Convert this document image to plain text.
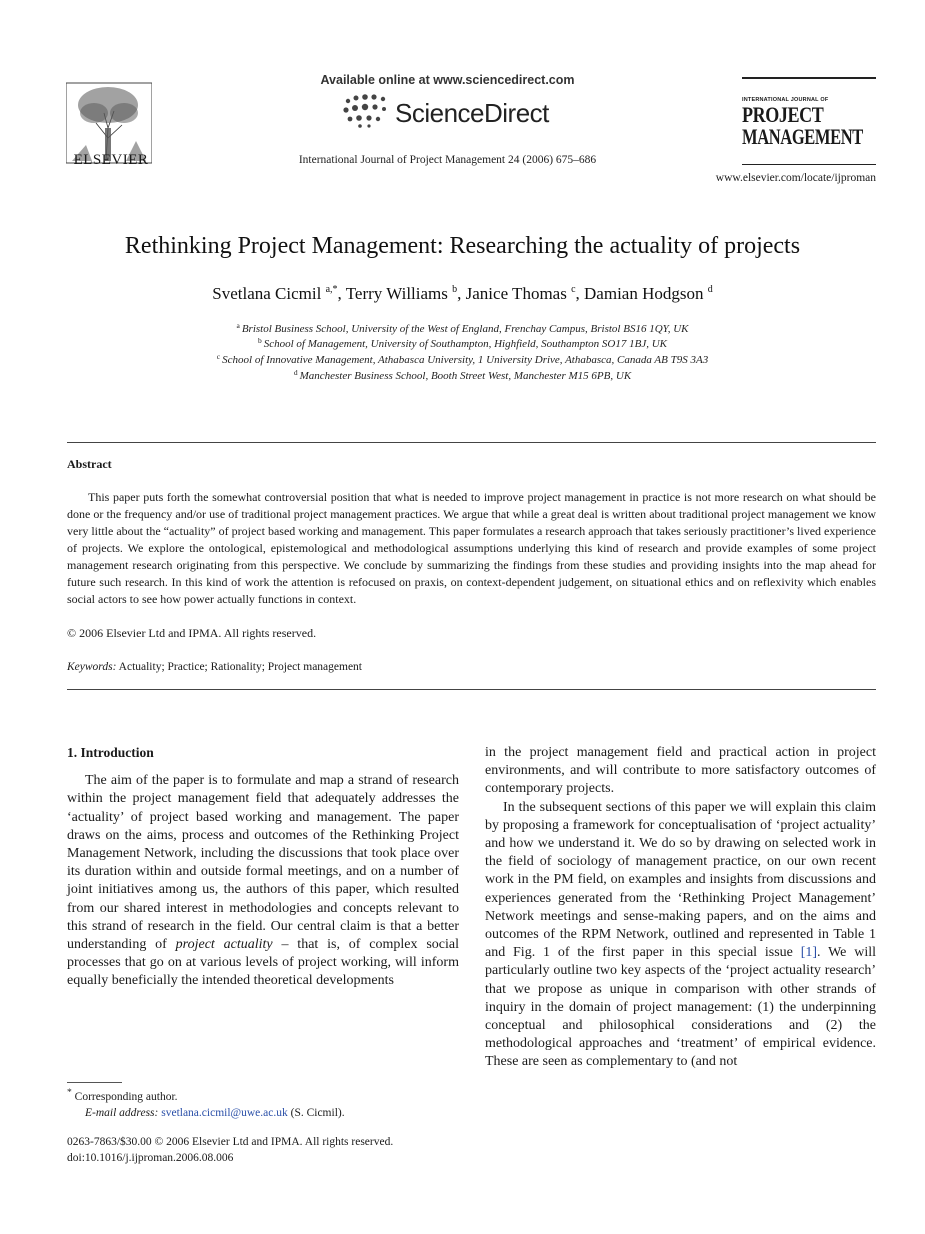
ELSEVIER
Available online at www.sciencedirect.com
ScienceDirect
International Journal of Project Management 24 (2006) 675–686
INTERNATIONAL JOURNAL OF
PROJECT
MANAGEMENT
www.elsevier.com/locate/ijproman
Rethinking Project Management: Researching the actuality of projects
Svetlana Cicmil $^{a,*}$, Terry Williams $^b$, Janice Thomas $^c$, Damian Hodgson $^d$
$^a$ Bristol Business School, University of the West of England, Frenchay Campus, Bristol BS16 1QY, UK
$^b$ School of Management, University of Southampton, Highfield, Southampton SO17 1BJ, UK
$^c$ School of Innovative Management, Athabasca University, 1 University Drive, Athabasca, Canada AB T9S 3A3
$^d$ Manchester Business School, Booth Street West, Manchester M15 6PB, UK
Abstract
This paper puts forth the somewhat controversial position that what is needed to improve project management in practice is not more research on what should be done or the frequency and/or use of traditional project management practices. We argue that while a great deal is written about traditional project management we know very little about the “actuality” of project based working and management. This paper formulates a research approach that takes seriously practitioner’s lived experience of projects. We explore the ontological, epistemological and methodological assumptions underlying this kind of research and provide examples of some project management research originating from this perspective. We conclude by summarizing the findings from these studies and providing insights into the map ahead for future such research. In this kind of work the attention is refocused on praxis, on context-dependent judgement, on situational ethics and on reflexivity which enables social actors to see how power actually functions in context.
© 2006 Elsevier Ltd and IPMA. All rights reserved.
Keywords: Actuality; Practice; Rationality; Project management
1. Introduction

The aim of the paper is to formulate and map a strand of research within the project management field that adequately addresses the ‘actuality’ of project based working and management. The paper draws on the aims, process and outcomes of the Rethinking Project Management Network, including the discussions that took place over its duration within and outside formal meetings, and on a number of joint initiatives among us, the authors of this paper, which resulted from our shared interest in methodologies and concepts relevant to this strand of research in the field. Our central claim is that a better understanding of project actuality – that is, of complex social processes that go on at various levels of project working, will inform equally beneficially the intended theoretical developments

in the project management field and practical action in project environments, and will contribute to more satisfactory outcomes of contemporary projects.

In the subsequent sections of this paper we will explain this claim by proposing a framework for conceptualisation of ‘project actuality’ and how we understand it. We do so by drawing on selected work in the field of sociology of management practice, on our own recent work in the PM field, on examples and insights from discussions and experiences generated from the ‘Rethinking Project Management’ Network meetings and sense-making papers, and on the aims and outcomes of the RPM Network, outlined and represented in Table 1 and Fig. 1 of the first paper in this special issue [1]. We will particularly outline two key aspects of the ‘project actuality research’ that we propose as unique in comparison with other strands of inquiry in the domain of project management: (1) the underpinning conceptual and philosophical considerations and (2) the methodological approaches and ‘treatment’ of empirical evidence. These are seen as complementary to (and not

* Corresponding author.
E-mail address: svetlana.cicmil@uwe.ac.uk (S. Cicmil).
0263-7863/$30.00 © 2006 Elsevier Ltd and IPMA. All rights reserved.
doi:10.1016/j.ijproman.2006.08.006
